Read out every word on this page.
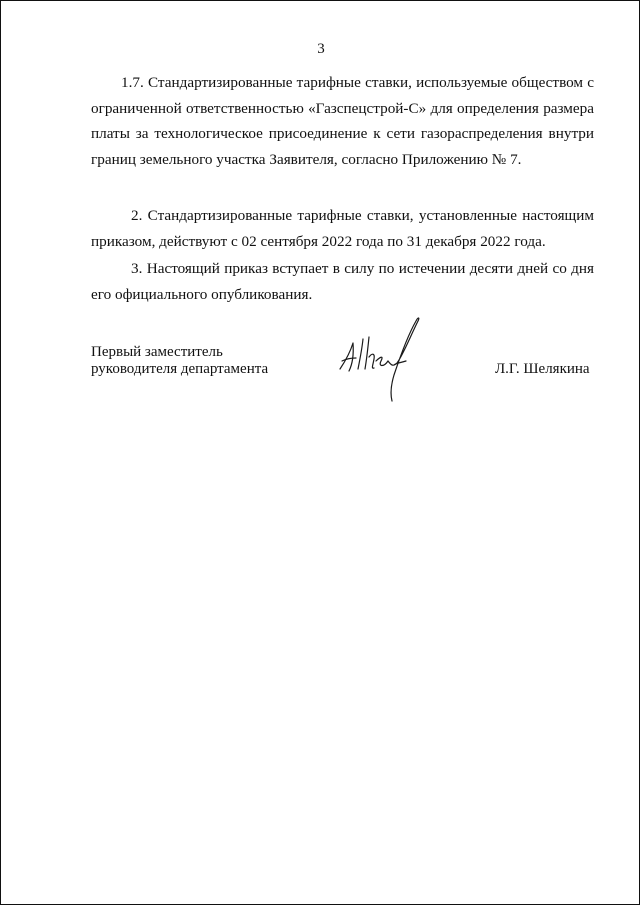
3

1.7. Стандартизированные тарифные ставки, используемые обществом с ограниченной ответственностью «Газспецстрой-С» для определения размера платы за технологическое присоединение к сети газораспределения внутри границ земельного участка Заявителя, согласно Приложению № 7.

2. Стандартизированные тарифные ставки, установленные настоящим приказом, действуют с 02 сентября 2022 года по 31 декабря 2022 года.

3. Настоящий приказ вступает в силу по истечении десяти дней со дня его официального опубликования.

Первый заместитель
руководителя департамента	Л.Г. Шелякина
